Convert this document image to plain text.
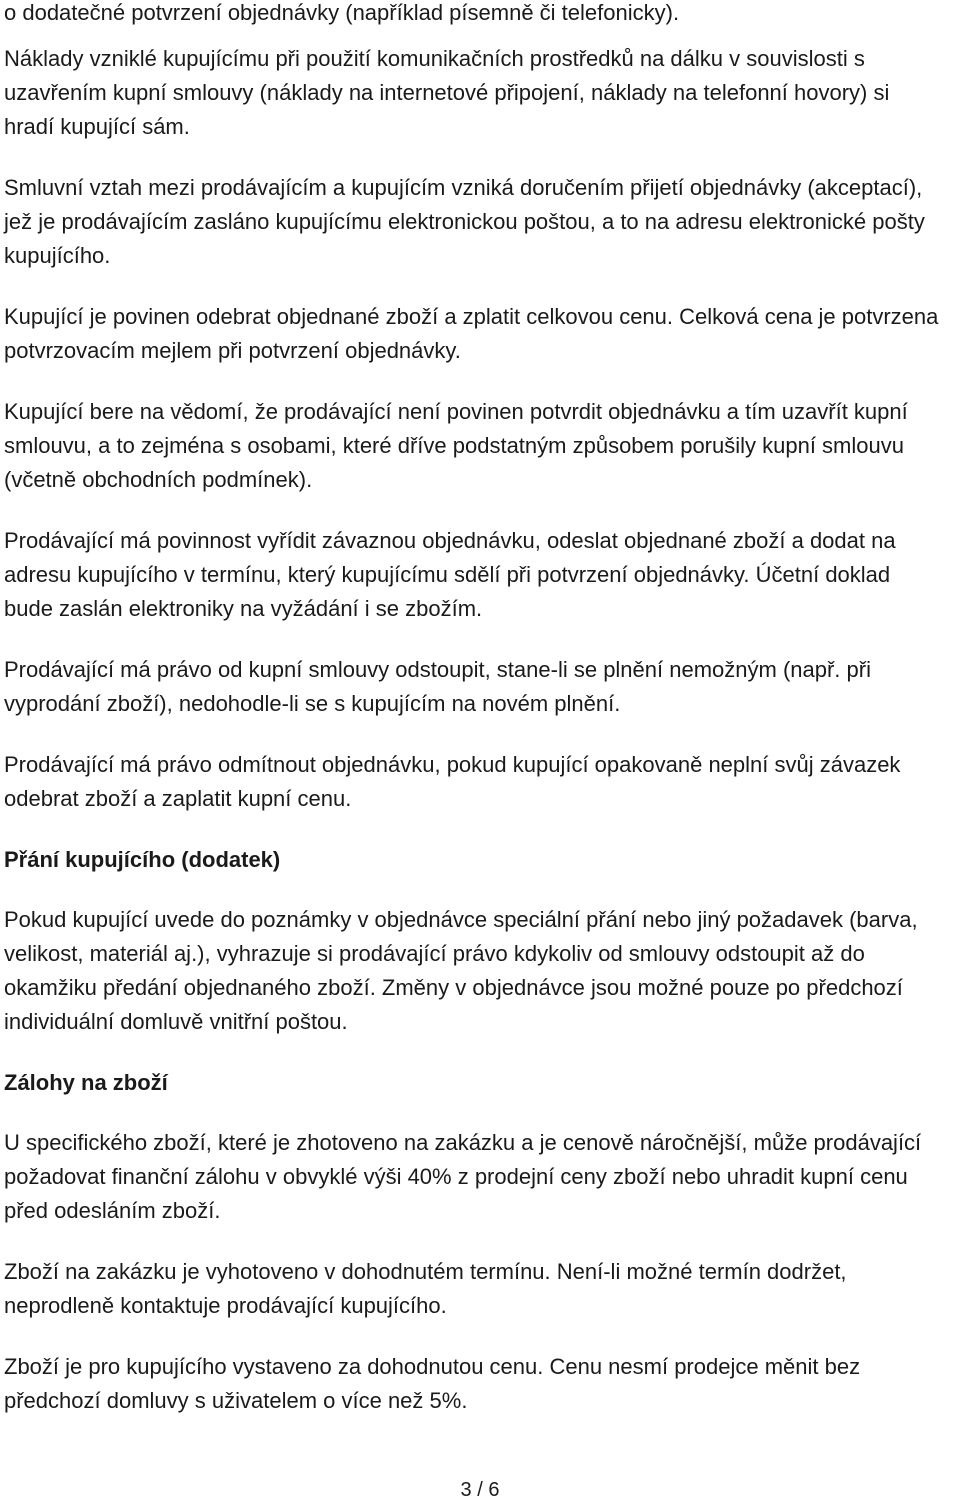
o dodatečné potvrzení objednávky (například písemně či telefonicky).

Náklady vzniklé kupujícímu při použití komunikačních prostředků na dálku v souvislosti s uzavřením kupní smlouvy (náklady na internetové připojení, náklady na telefonní hovory) si hradí kupující sám.

Smluvní vztah mezi prodávajícím a kupujícím vzniká doručením přijetí objednávky (akceptací), jež je prodávajícím zasláno kupujícímu elektronickou poštou, a to na adresu elektronické pošty kupujícího.

Kupující je povinen odebrat objednané zboží a zplatit celkovou cenu. Celková cena je potvrzena potvrzovacím mejlem při potvrzení objednávky.

Kupující bere na vědomí, že prodávající není povinen potvrdit objednávku a tím uzavřít kupní smlouvu, a to zejména s osobami, které dříve podstatným způsobem porušily kupní smlouvu (včetně obchodních podmínek).

Prodávající má povinnost vyřídit závaznou objednávku, odeslat objednané zboží a dodat na adresu kupujícího v termínu, který kupujícímu sdělí při potvrzení objednávky. Účetní doklad bude zaslán elektroniky na vyžádání i se zbožím.

Prodávající má právo od kupní smlouvy odstoupit, stane-li se plnění nemožným (např. při vyprodání zboží), nedohodle-li se s kupujícím na novém plnění.

Prodávající má právo odmítnout objednávku, pokud kupující opakovaně neplní svůj závazek odebrat zboží a zaplatit kupní cenu.

Přání kupujícího (dodatek)

Pokud kupující uvede do poznámky v objednávce speciální přání nebo jiný požadavek (barva, velikost, materiál aj.), vyhrazuje si prodávající právo kdykoliv od smlouvy odstoupit až do okamžiku předání objednaného zboží. Změny v objednávce jsou možné pouze po předchozí individuální domluvě vnitřní poštou.

Zálohy na zboží

U specifického zboží, které je zhotoveno na zakázku a je cenově náročnější, může prodávající požadovat finanční zálohu v obvyklé výši 40% z prodejní ceny zboží nebo uhradit kupní cenu před odesláním zboží.

Zboží na zakázku je vyhotoveno v dohodnutém termínu. Není-li možné termín dodržet, neprodleně kontaktuje prodávající kupujícího.

Zboží je pro kupujícího vystaveno za dohodnutou cenu. Cenu nesmí prodejce měnit bez předchozí domluvy s uživatelem o více než 5%.

3 / 6
